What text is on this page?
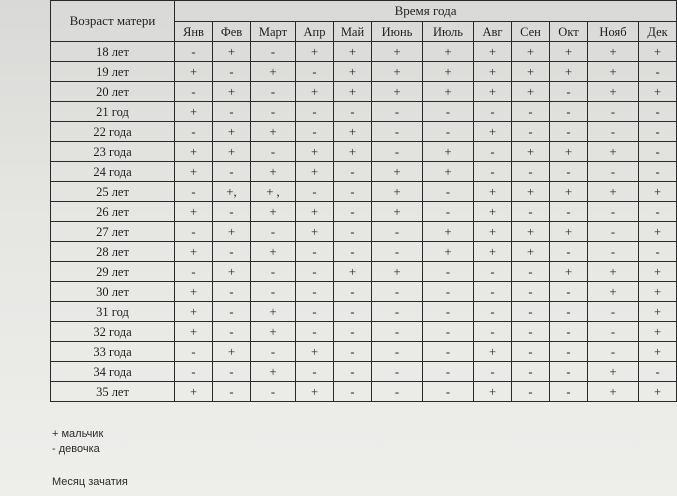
Возраст матери	Время года											
	Янв	Фев	Март	Апр	Май	Июнь	Июль	Авг	Сен	Окт	Нояб	Дек
18 лет	-	+	-	+	+	+	+	+	+	+	+	+
19 лет	+	-	+	-	+	+	+	+	+	+	+	-
20 лет	-	+	-	+	+	+	+	+	+	-	+	+
21 год	+	-	-	-	-	-	-	-	-	-	-	-
22 года	-	+	+	-	+	-	-	+	-	-	-	-
23 года	+	+	-	+	+	-	+	-	+	+	+	-
24 года	+	-	+	+	-	+	+	-	-	-	-	-
25 лет	-	+,	+ ,	-	-	+	-	+	+	+	+	+
26 лет	+	-	+	+	-	+	-	+	-	-	-	-
27 лет	-	+	-	+	-	-	+	+	+	+	-	+
28 лет	+	-	+	-	-	-	+	+	+	-	-	-
29 лет	-	+	-	-	+	+	-	-	-	+	+	+
30 лет	+	-	-	-	-	-	-	-	-	-	+	+
31 год	+	-	+	-	-	-	-	-	-	-	-	+
32 года	+	-	+	-	-	-	-	-	-	-	-	+
33 года	-	+	-	+	-	-	-	+	-	-	-	+
34 года	-	-	+	-	-	-	-	-	-	-	+	-
35 лет	+	-	-	+	-	-	-	+	-	-	+	+
+ мальчик
- девочка
Месяц зачатия
